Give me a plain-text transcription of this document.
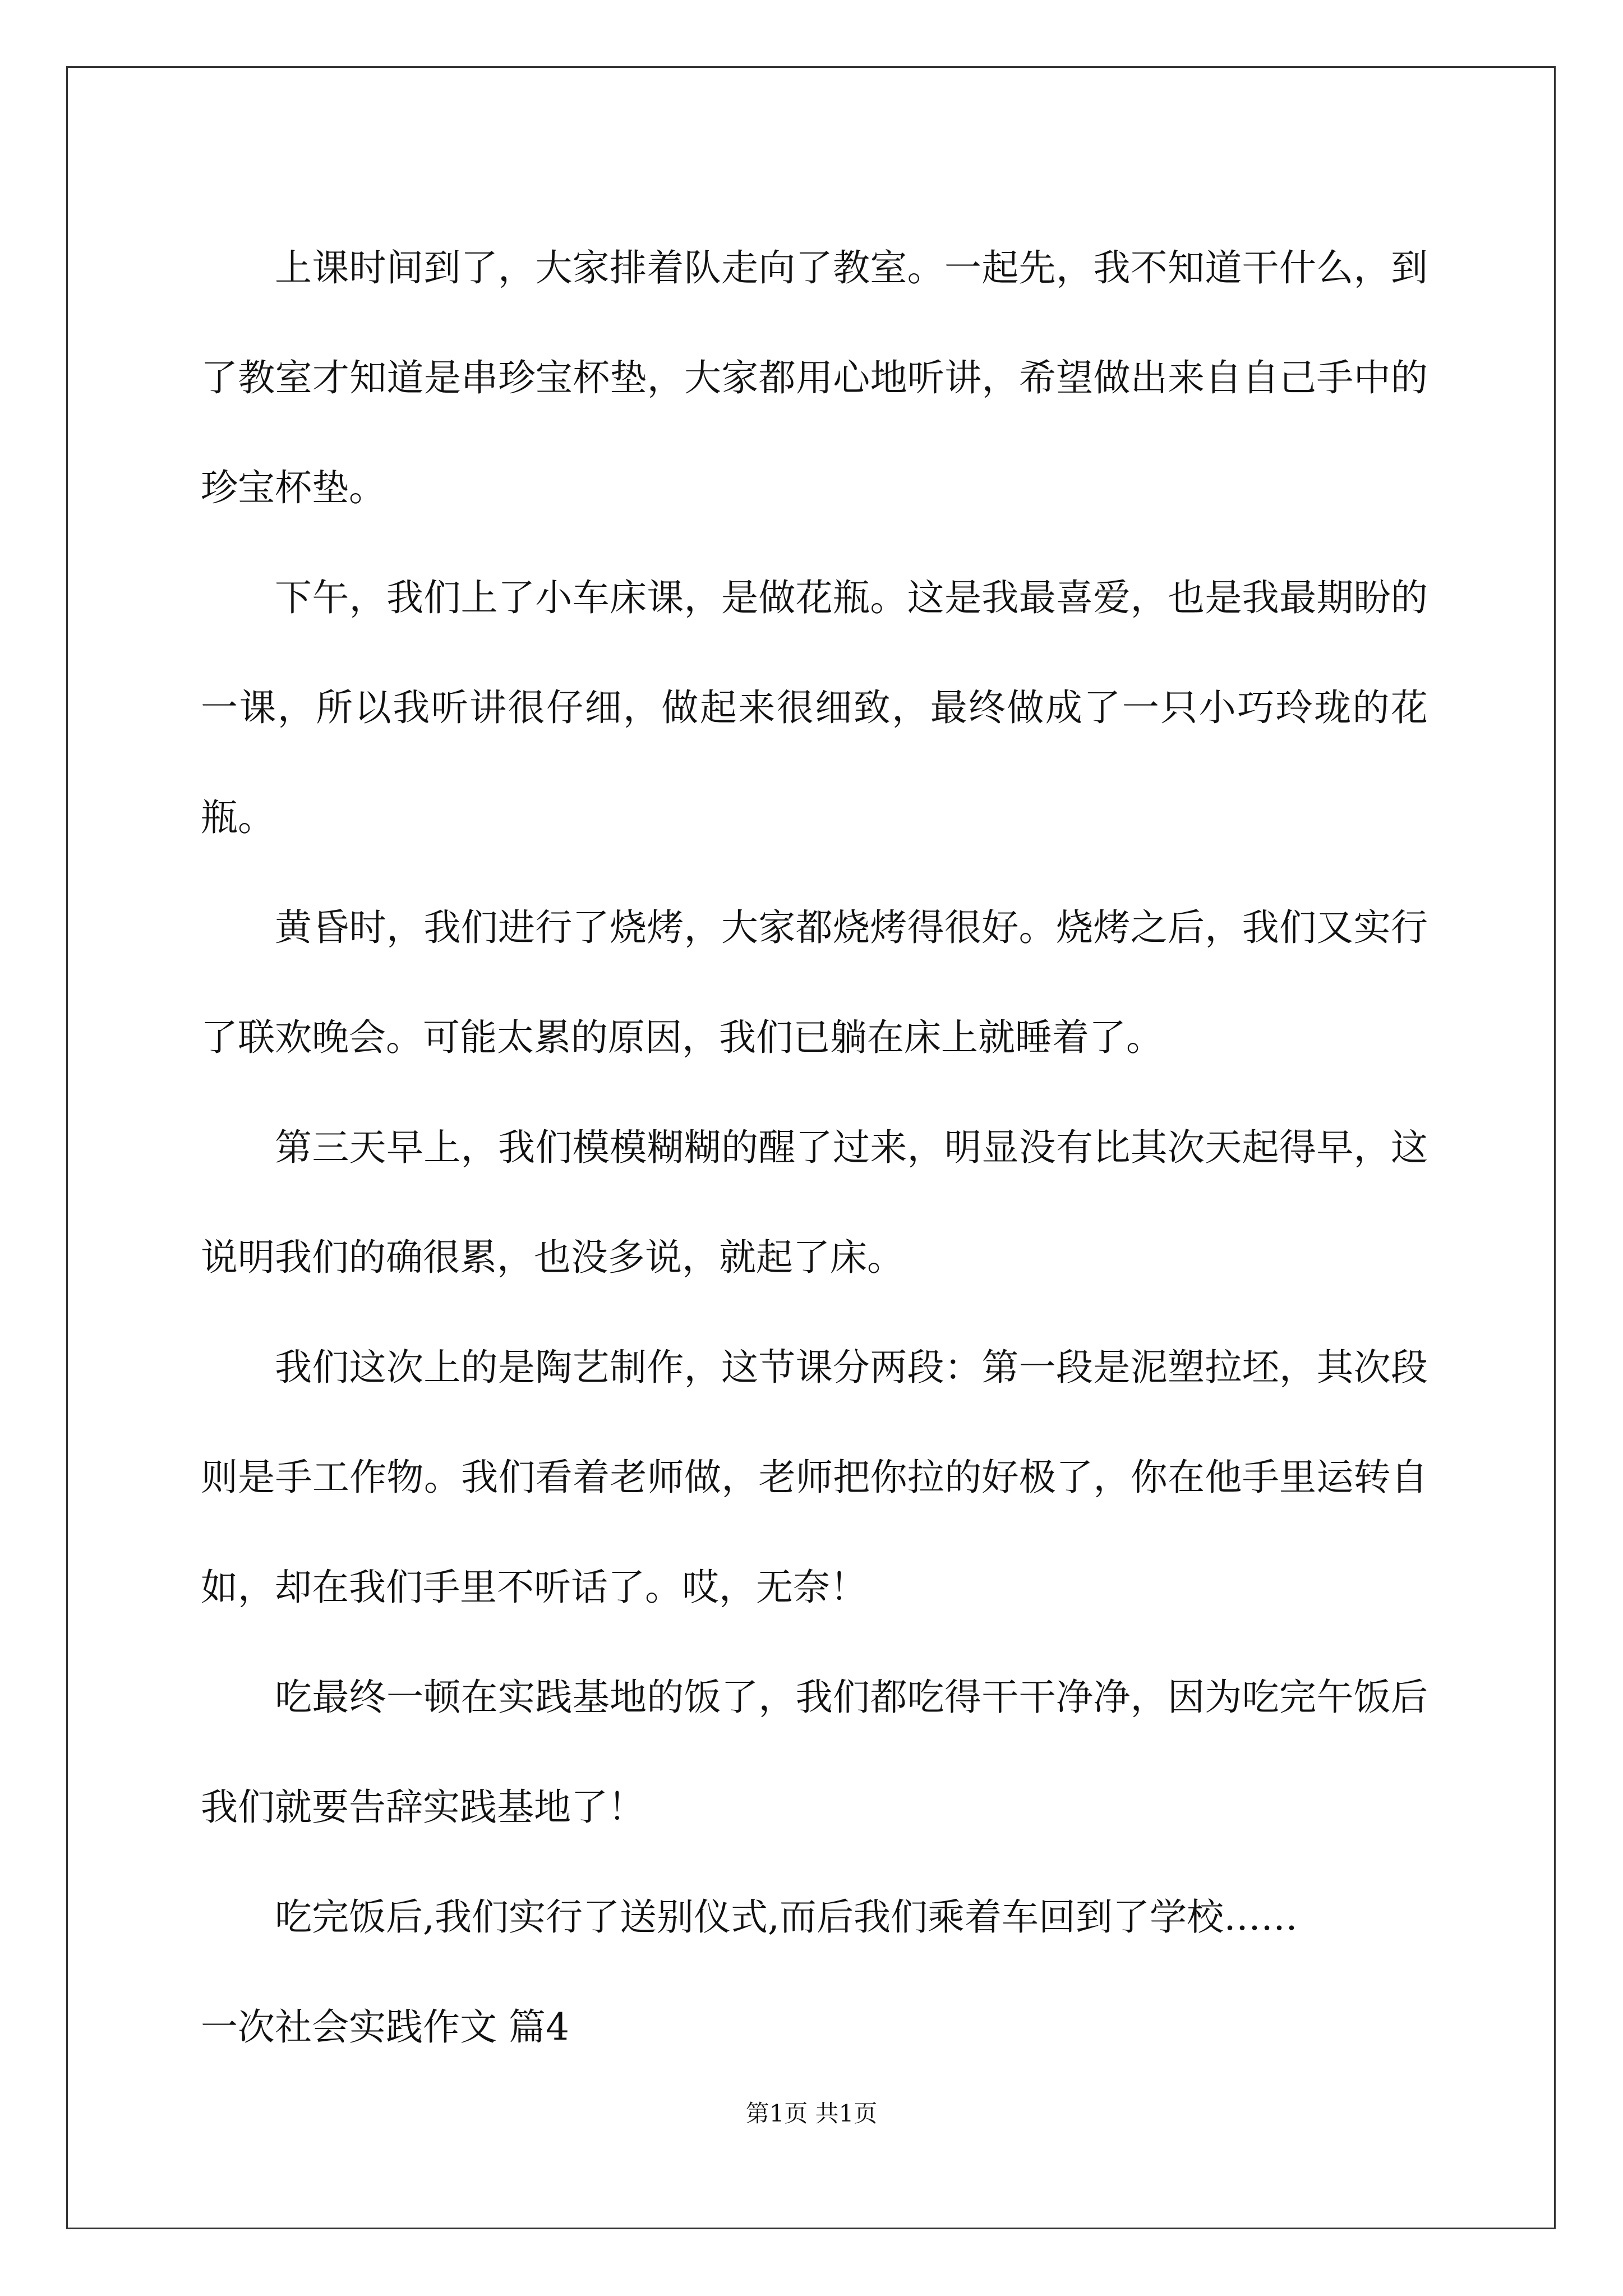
上课时间到了，大家排着队走向了教室。一起先，我不知道干什么，到了教室才知道是串珍宝杯垫，大家都用心地听讲，希望做出来自自己手中的珍宝杯垫。

下午，我们上了小车床课，是做花瓶。这是我最喜爱，也是我最期盼的一课，所以我听讲很仔细，做起来很细致，最终做成了一只小巧玲珑的花瓶。

黄昏时，我们进行了烧烤，大家都烧烤得很好。烧烤之后，我们又实行了联欢晚会。可能太累的原因，我们已躺在床上就睡着了。

第三天早上，我们模模糊糊的醒了过来，明显没有比其次天起得早，这说明我们的确很累，也没多说，就起了床。

我们这次上的是陶艺制作，这节课分两段：第一段是泥塑拉坯，其次段则是手工作物。我们看着老师做，老师把你拉的好极了，你在他手里运转自如，却在我们手里不听话了。哎，无奈！

吃最终一顿在实践基地的饭了，我们都吃得干干净净，因为吃完午饭后我们就要告辞实践基地了！

吃完饭后,我们实行了送别仪式,而后我们乘着车回到了学校……

一次社会实践作文 篇4

第1页 共1页
